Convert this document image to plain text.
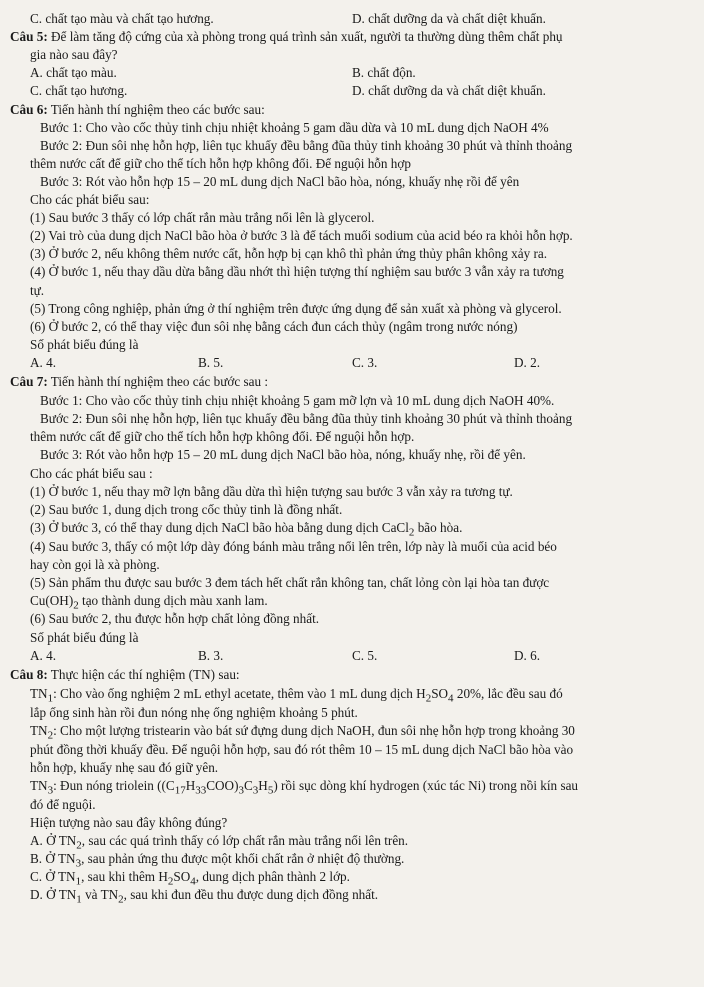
C. chất tạo màu và chất tạo hương.	D. chất dưỡng da và chất diệt khuẩn.
Câu 5: Để làm tăng độ cứng của xà phòng trong quá trình sản xuất, người ta thường dùng thêm chất phụ
gia nào sau đây?
A. chất tạo màu.	B. chất độn.
C. chất tạo hương.	D. chất dưỡng da và chất diệt khuẩn.
Câu 6: Tiến hành thí nghiệm theo các bước sau:
Bước 1: Cho vào cốc thủy tinh chịu nhiệt khoảng 5 gam dầu dừa và 10 mL dung dịch NaOH 4%
Bước 2: Đun sôi nhẹ hỗn hợp, liên tục khuấy đều bằng đũa thủy tinh khoảng 30 phút và thỉnh thoảng
thêm nước cất để giữ cho thể tích hỗn hợp không đổi. Để nguội hỗn hợp
Bước 3: Rót vào hỗn hợp 15 – 20 mL dung dịch NaCl bão hòa, nóng, khuấy nhẹ rồi để yên
Cho các phát biểu sau:
(1) Sau bước 3 thấy có lớp chất rắn màu trắng nổi lên là glycerol.
(2) Vai trò của dung dịch NaCl bão hòa ở bước 3 là để tách muối sodium của acid béo ra khỏi hỗn hợp.
(3) Ở bước 2, nếu không thêm nước cất, hỗn hợp bị cạn khô thì phản ứng thủy phân không xảy ra.
(4) Ở bước 1, nếu thay dầu dừa bằng dầu nhớt thì hiện tượng thí nghiệm sau bước 3 vẫn xảy ra tương
tự.
(5) Trong công nghiệp, phản ứng ở thí nghiệm trên được ứng dụng để sản xuất xà phòng và glycerol.
(6) Ở bước 2, có thể thay việc đun sôi nhẹ bằng cách đun cách thủy (ngâm trong nước nóng)
Số phát biểu đúng là
A. 4.	B. 5.	C. 3.	D. 2.
Câu 7: Tiến hành thí nghiệm theo các bước sau :
Bước 1: Cho vào cốc thủy tinh chịu nhiệt khoảng 5 gam mỡ lợn và 10 mL dung dịch NaOH 40%.
Bước 2: Đun sôi nhẹ hỗn hợp, liên tục khuấy đều bằng đũa thủy tinh khoảng 30 phút và thỉnh thoảng
thêm nước cất để giữ cho thể tích hỗn hợp không đổi. Để nguội hỗn hợp.
Bước 3: Rót vào hỗn hợp 15 – 20 mL dung dịch NaCl bão hòa, nóng, khuấy nhẹ, rồi để yên.
Cho các phát biểu sau :
(1) Ở bước 1, nếu thay mỡ lợn bằng dầu dừa thì hiện tượng sau bước 3 vẫn xảy ra tương tự.
(2) Sau bước 1, dung dịch trong cốc thủy tinh là đồng nhất.
(3) Ở bước 3, có thể thay dung dịch NaCl bão hòa bằng dung dịch CaCl$_2$ bão hòa.
(4) Sau bước 3, thấy có một lớp dày đóng bánh màu trắng nổi lên trên, lớp này là muối của acid béo
hay còn gọi là xà phòng.
(5) Sản phẩm thu được sau bước 3 đem tách hết chất rắn không tan, chất lỏng còn lại hòa tan được
$Cu(OH)_2$ tạo thành dung dịch màu xanh lam.
(6) Sau bước 2, thu được hỗn hợp chất lỏng đồng nhất.
Số phát biểu đúng là
A. 4.	B. 3.	C. 5.	D. 6.
Câu 8: Thực hiện các thí nghiệm (TN) sau:
$TN_1$: Cho vào ống nghiệm 2 mL ethyl acetate, thêm vào 1 mL dung dịch $H_2SO_4$ 20%, lắc đều sau đó
lắp ống sinh hàn rồi đun nóng nhẹ ống nghiệm khoảng 5 phút.
$TN_2$: Cho một lượng tristearin vào bát sứ đựng dung dịch NaOH, đun sôi nhẹ hỗn hợp trong khoảng 30
phút đồng thời khuấy đều. Để nguội hỗn hợp, sau đó rót thêm 10 – 15 mL dung dịch NaCl bão hòa vào
hỗn hợp, khuấy nhẹ sau đó giữ yên.
$TN_3$: Đun nóng triolein $((C_{17}H_{33}COO)_3C_3H_5)$ rồi sục dòng khí hydrogen (xúc tác Ni) trong nồi kín sau
đó để nguội.
Hiện tượng nào sau đây không đúng?
A. Ở $TN_2$, sau các quá trình thấy có lớp chất rắn màu trắng nổi lên trên.
B. Ở $TN_3$, sau phản ứng thu được một khối chất rắn ở nhiệt độ thường.
C. Ở $TN_1$, sau khi thêm $H_2SO_4$, dung dịch phân thành 2 lớp.
D. Ở $TN_1$ và $TN_2$, sau khi đun đều thu được dung dịch đồng nhất.
